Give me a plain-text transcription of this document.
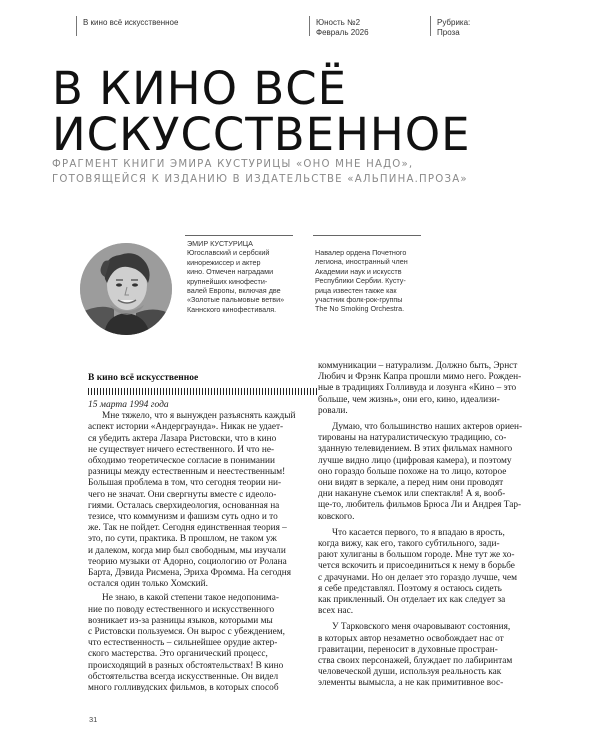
В кино всё искусственное	Юность №2
Февраль 2026
Рубрика:
Проза
В КИНО ВСЁ
ИСКУССТВЕННОЕ
ФРАГМЕНТ КНИГИ ЭМИРА КУСТУРИЦЫ «ОНО МНЕ НАДО»,
ГОТОВЯЩЕЙСЯ К ИЗДАНИЮ В ИЗДАТЕЛЬСТВЕ «АЛЬПИНА.ПРОЗА»
ЭМИР КУСТУРИЦА
Югославский и сербский
кинорежиссер и актер
кино. Отмечен наградами
крупнейших кинофести-
валей Европы, включая две
«Золотые пальмовые ветви»
Каннского кинофестиваля.
Навалер ордена Почетного
легиона, иностранный член
Академии наук и искусств
Республики Сербии. Кусту-
рица известен также как
участник фолк-рок-группы
The No Smoking Orchestra.
В кино всё искусственное
15 марта 1994 года
Мне тяжело, что я вынужден разъяснять каждый
аспект истории «Андерграунда». Никак не удает-
ся убедить актера Лазара Ристовски, что в кино
не существует ничего естественного. И что не-
обходимо теоретическое согласие в понимании
разницы между естественным и неестественным!
Большая проблема в том, что сегодня теории ни-
чего не значат. Они свергнуты вместе с идеоло-
гиями. Осталась сверхидеология, основанная на
тезисе, что коммунизм и фашизм суть одно и то
же. Так не пойдет. Сегодня единственная теория –
это, по сути, практика. В прошлом, не таком уж
и далеком, когда мир был свободным, мы изучали
теорию музыки от Адорно, социологию от Ролана
Барта, Дэвида Рисмена, Эриха Фромма. На сегодня
остался один только Хомский.
Не знаю, в какой степени такое недопонима-
ние по поводу естественного и искусственного
возникает из-за разницы языков, которыми мы
с Ристовски пользуемся. Он вырос с убеждением,
что естественность – сильнейшее орудие актер-
ского мастерства. Это органический процесс,
происходящий в разных обстоятельствах! В кино
обстоятельства всегда искусственные. Он видел
много голливудских фильмов, в которых способ
коммуникации – натурализм. Должно быть, Эрнст
Любич и Фрэнк Капра прошли мимо него. Рожден-
ные в традициях Голливуда и лозунга «Кино – это
больше, чем жизнь», они его, кино, идеализи-
ровали.
Думаю, что большинство наших актеров ориен-
тированы на натуралистическую традицию, со-
зданную телевидением. В этих фильмах намного
лучше видно лицо (цифровая камера), и поэтому
оно гораздо больше похоже на то лицо, которое
они видят в зеркале, а перед ним они проводят
дни накануне съемок или спектакля! А я, вооб-
ще-то, любитель фильмов Брюса Ли и Андрея Тар-
ковского.
Что касается первого, то я впадаю в ярость,
когда вижу, как его, такого субтильного, зади-
рают хулиганы в большом городе. Мне тут же хо-
чется вскочить и присоединиться к нему в борьбе
с драчунами. Но он делает это гораздо лучше, чем
я себе представлял. Поэтому я остаюсь сидеть
как прикленный. Он отделает их как следует за
всех нас.
У Тарковского меня очаровывают состояния,
в которых автор незаметно освобождает нас от
гравитации, переносит в духовные простран-
ства своих персонажей, блуждает по лабиринтам
человеческой души, используя реальность как
элементы вымысла, а не как примитивное вос-
31
